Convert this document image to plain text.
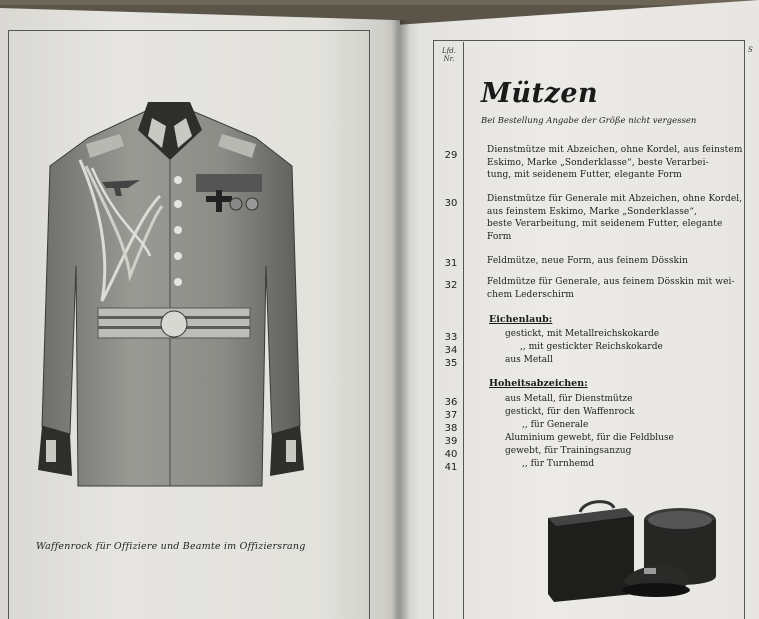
Waffenrock für Offiziere und Beamte im Offiziersrang
Lfd. Nr.
S
Mützen
Bei Bestellung Angabe der Größe nicht vergessen
29	Dienstmütze mit Abzeichen, ohne Kordel, aus feinstem
Eskimo, Marke „Sonderklasse“, beste Verarbei-
tung, mit seidenem Futter, elegante Form
30	Dienstmütze für Generale mit Abzeichen, ohne Kordel,
aus feinstem Eskimo, Marke „Sonderklasse“,
beste Verarbeitung, mit seidenem Futter, elegante
Form
31	Feldmütze, neue Form, aus feinem Dösskin
32	Feldmütze für Generale, aus feinem Dösskin mit wei-
chem Lederschirm
Eichenlaub:
33	gestickt, mit Metallreichskokarde
34	,, mit gestickter Reichskokarde
35	aus Metall
Hoheitsabzeichen:
36	aus Metall, für Dienstmütze
37	gestickt, für den Waffenrock
38	,, für Generale
39	Aluminium gewebt, für die Feldbluse
40	gewebt, für Trainingsanzug
41	,, für Turnhemd
